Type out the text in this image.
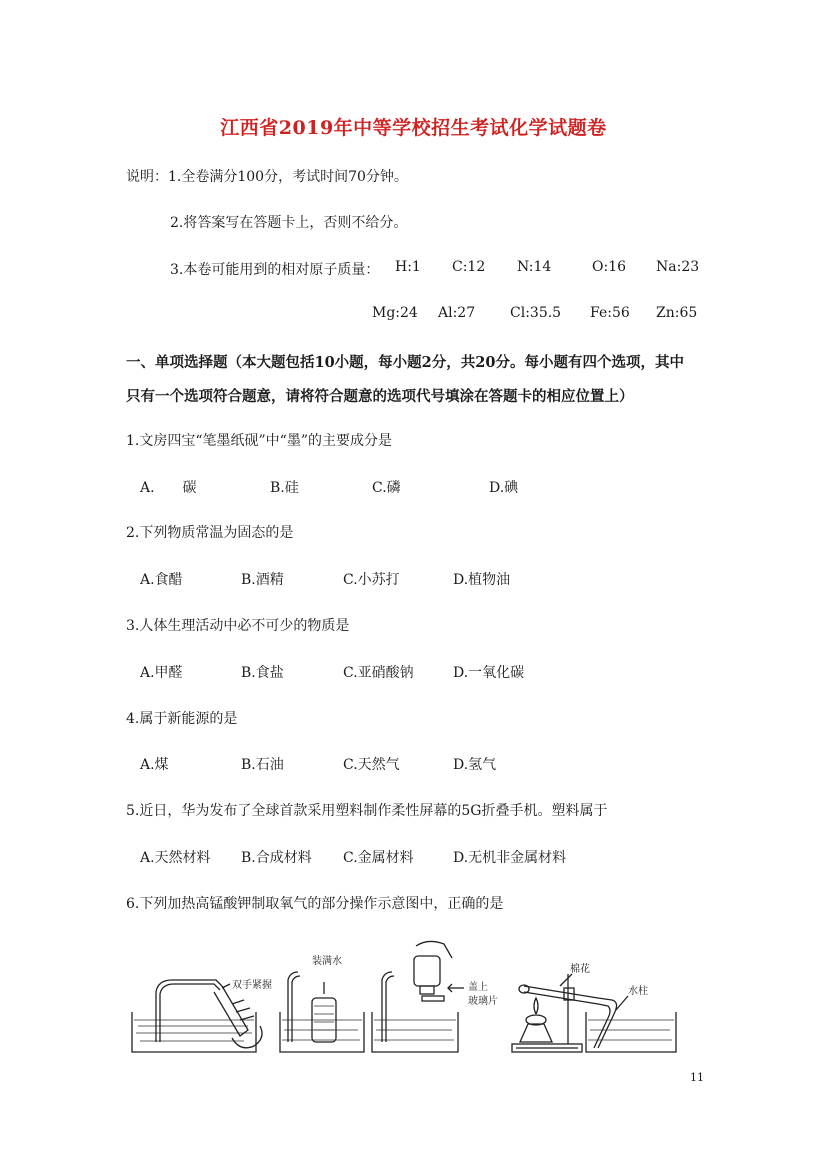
江西省2019年中等学校招生考试化学试题卷
说明：1.全卷满分100分，考试时间70分钟。
2.将答案写在答题卡上，否则不给分。
3.本卷可能用到的相对原子质量： H:1 C:12 N:14	O:16 Na:23
Mg:24 Al:27 Cl:35.5 Fe:56 Zn:65
一、单项选择题（本大题包括10小题，每小题2分，共20分。每小题有四个选项，其中
只有一个选项符合题意，请将符合题意的选项代号填涂在答题卡的相应位置上）
1.文房四宝“笔墨纸砚”中“墨”的主要成分是
A.　　碳	B.硅	C.磷	D.碘
2.下列物质常温为固态的是
A.食醋	B.酒精	C.小苏打	D.植物油
3.人体生理活动中必不可少的物质是
A.甲醛	B.食盐	C.亚硝酸钠	D.一氧化碳
4.属于新能源的是
A.煤	B.石油	C.天然气	D.氢气
5.近日，华为发布了全球首款采用塑料制作柔性屏幕的5G折叠手机。塑料属于
A.天然材料 B.合成材料 C.金属材料	D.无机非金属材料
6.下列加热高锰酸钾制取氧气的部分操作示意图中，正确的是
双手紧握
装满水
盖上
玻璃片
棉花
水柱
11
